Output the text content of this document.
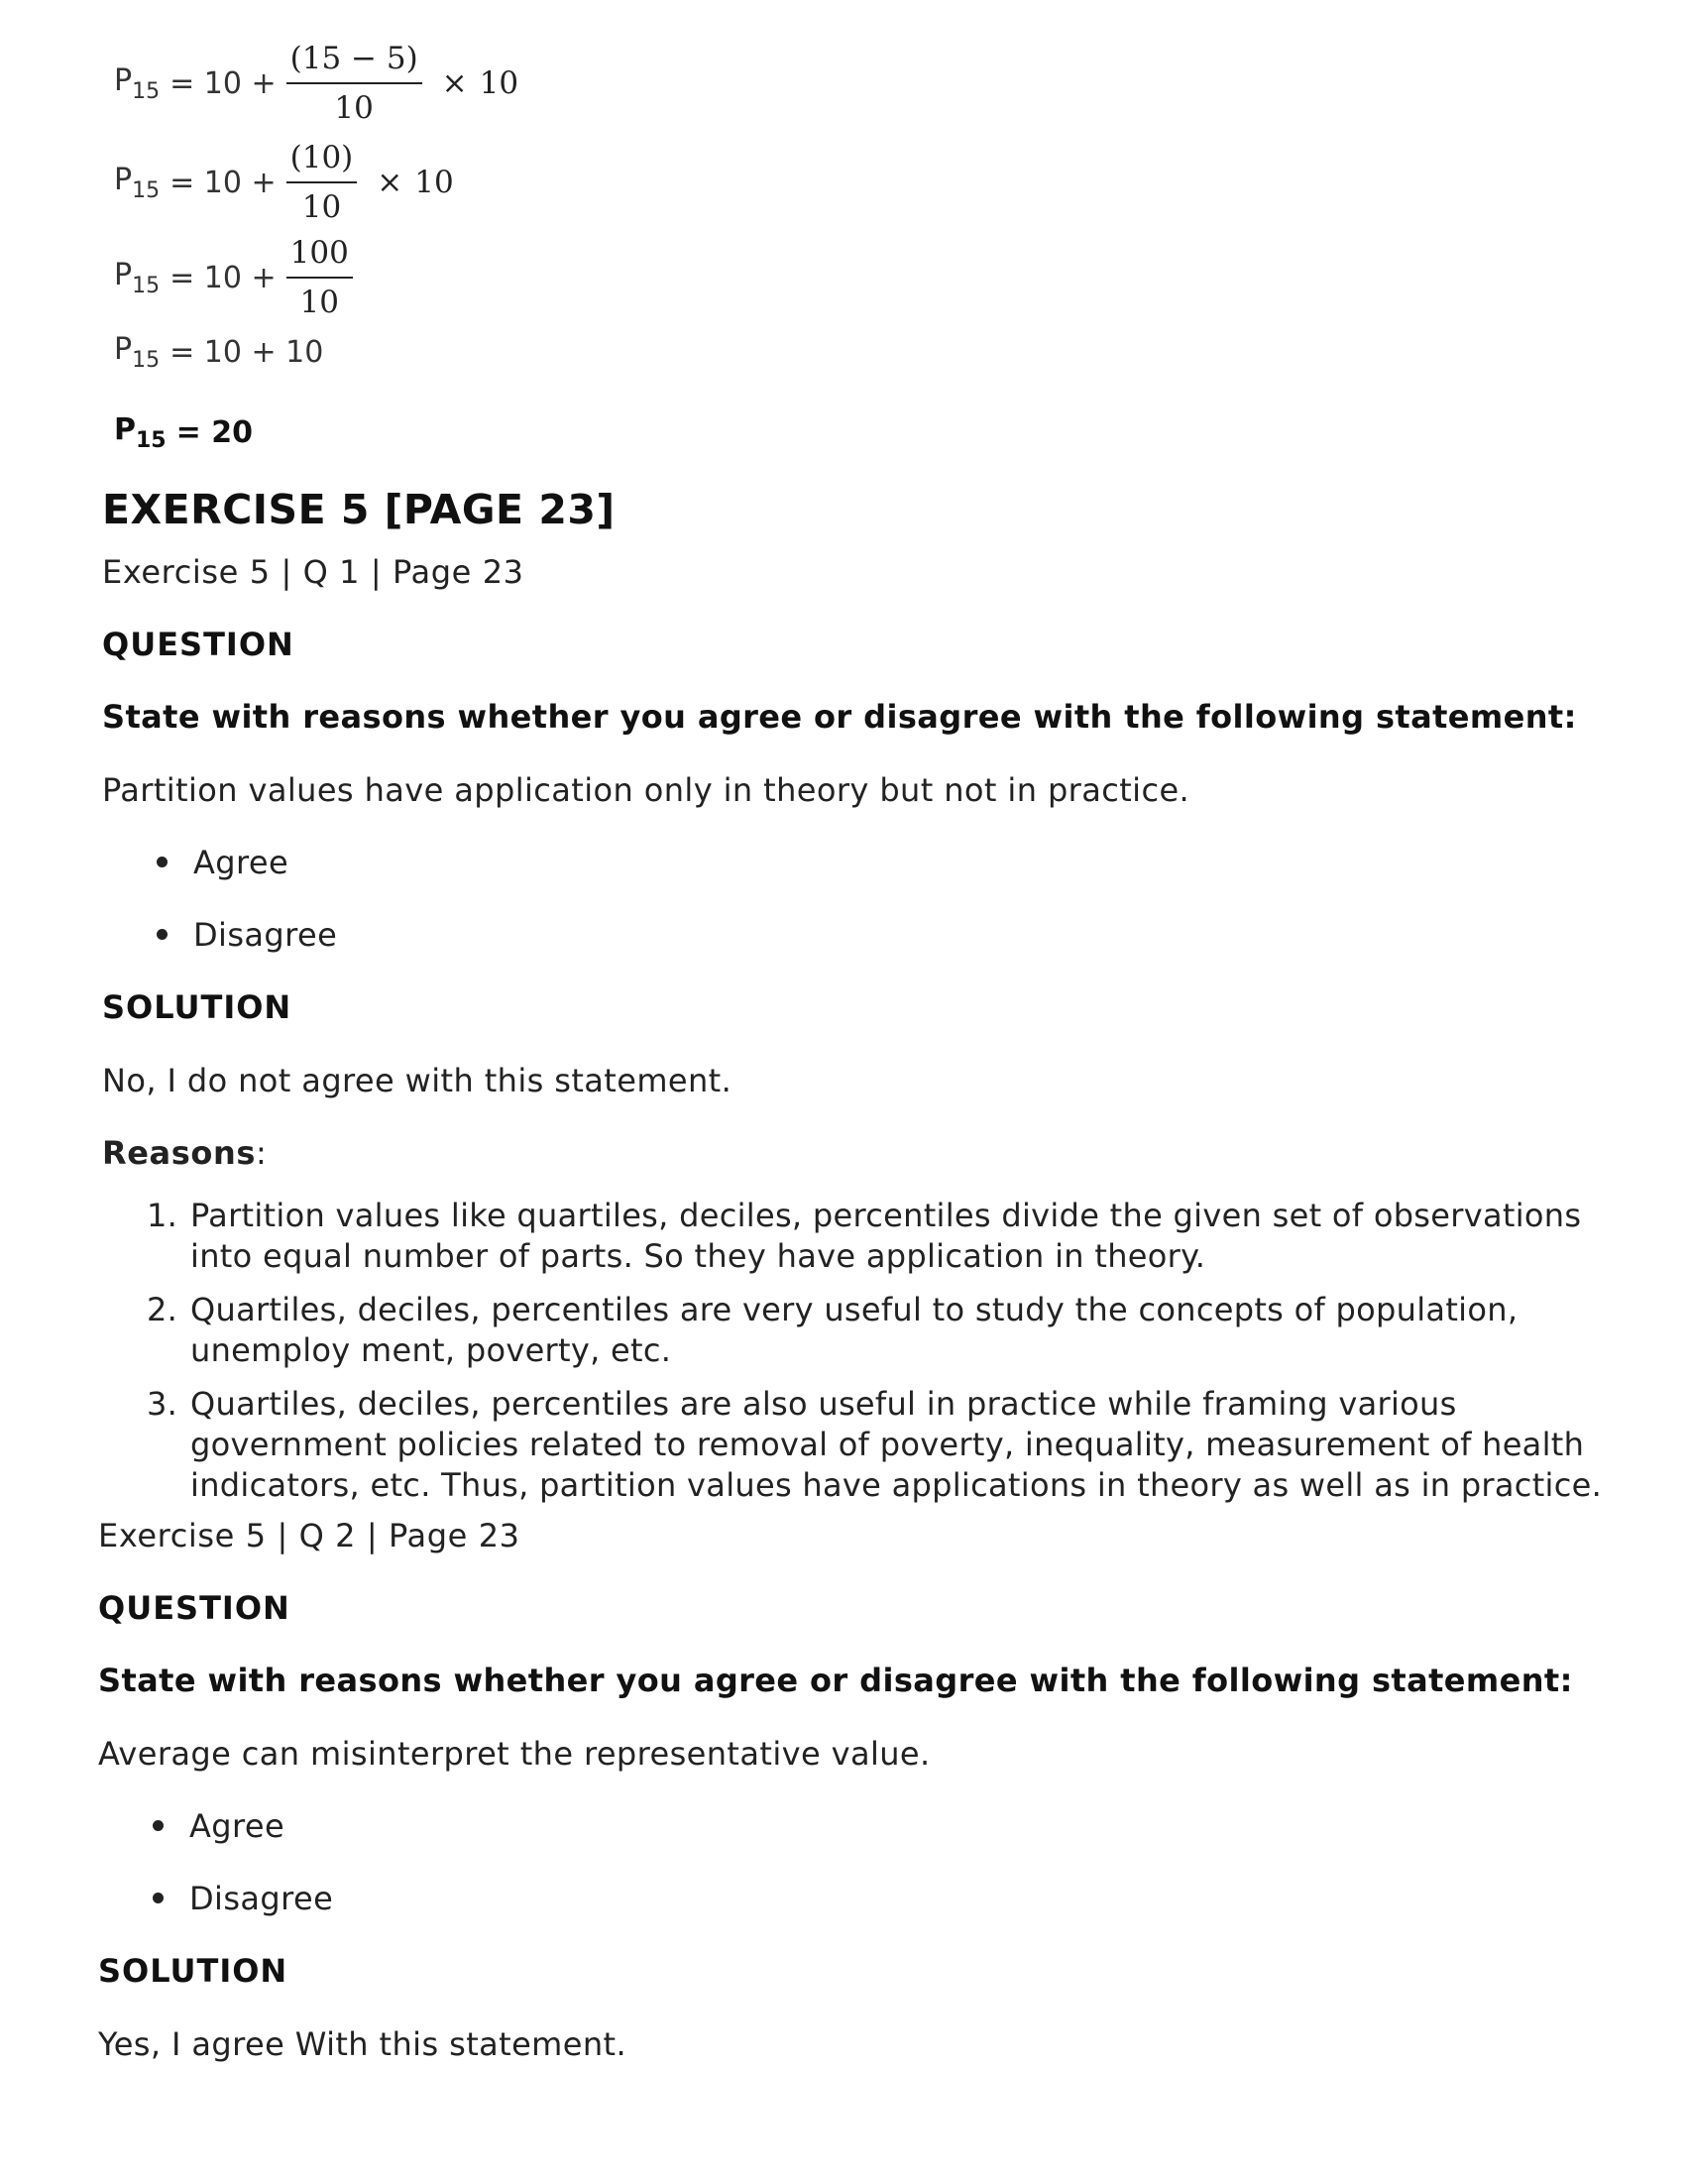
$P_{15} = 10 + \frac{(15 - 5)}{10} \times 10$
$P_{15} = 10 + \frac{(10)}{10} \times 10$
$P_{15} = 10 + \frac{100}{10}$
$P_{15} = 10 + 10$
$P_{15} = 20$
EXERCISE 5 [PAGE 23]
Exercise 5 | Q 1 | Page 23
QUESTION
State with reasons whether you agree or disagree with the following statement:
Partition values have application only in theory but not in practice.
Agree
Disagree
SOLUTION
No, I do not agree with this statement.
Reasons:
1. Partition values like quartiles, deciles, percentiles divide the given set of observations into equal number of parts. So they have application in theory.
2. Quartiles, deciles, percentiles are very useful to study the concepts of population, unemploy ment, poverty, etc.
3. Quartiles, deciles, percentiles are also useful in practice while framing various government policies related to removal of poverty, inequality, measurement of health indicators, etc. Thus, partition values have applications in theory as well as in practice.
Exercise 5 | Q 2 | Page 23
QUESTION
State with reasons whether you agree or disagree with the following statement:
Average can misinterpret the representative value.
Agree
Disagree
SOLUTION
Yes, I agree With this statement.
